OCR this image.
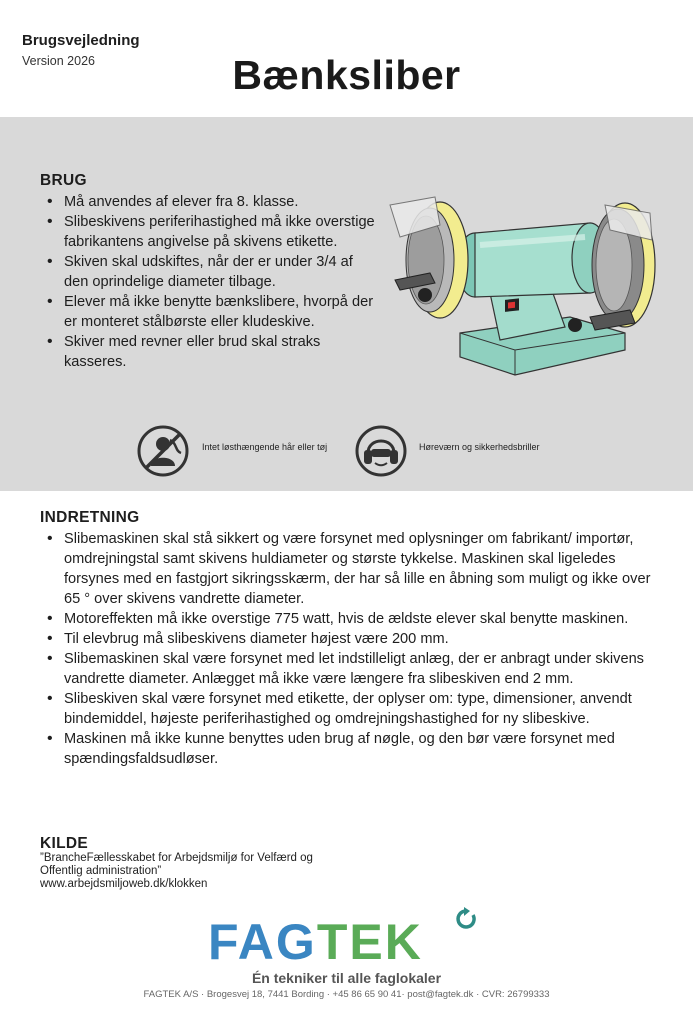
Brugsvejledning
Version 2026	Bænksliber
BRUG
• Må anvendes af elever fra 8. klasse.
• Slibeskivens periferihastighed må ikke overstige fabrikantens angivelse på skivens etikette.
• Skiven skal udskiftes, når der er under 3/4 af den oprindelige diameter tilbage.
• Elever må ikke benytte bænkslibere, hvorpå der er monteret stålbørste eller kludeskive.
• Skiver med revner eller brud skal straks kasseres.
Intet løsthængende hår eller tøj	Høreværn og sikkerhedsbriller
INDRETNING
• Slibemaskinen skal stå sikkert og være forsynet med oplysninger om fabrikant/ importør, omdrejningstal samt skivens huldiameter og største tykkelse. Maskinen skal ligeledes forsynes med en fastgjort sikringsskærm, der har så lille en åbning som muligt og ikke over 65 ° over skivens vandrette diameter.
• Motoreffekten må ikke overstige 775 watt, hvis de ældste elever skal benytte maskinen.
• Til elevbrug må slibeskivens diameter højest være 200 mm.
• Slibemaskinen skal være forsynet med let indstilleligt anlæg, der er anbragt under skivens vandrette diameter. Anlægget må ikke være længere fra slibeskiven end 2 mm.
• Slibeskiven skal være forsynet med etikette, der oplyser om: type, dimensioner, anvendt bindemiddel, højeste periferihastighed og omdrejningshastighed for ny slibeskive.
• Maskinen må ikke kunne benyttes uden brug af nøgle, og den bør være forsynet med spændingsfaldsudløser.
KILDE
”BrancheFællesskabet for Arbejdsmiljø for Velfærd og
Offentlig administration”
www.arbejdsmiljoweb.dk/klokken
FAGTEK
Én tekniker til alle faglokaler
FAGTEK A/S · Brogesvej 18, 7441 Bording · +45 86 65 90 41· post@fagtek.dk · CVR: 26799333
